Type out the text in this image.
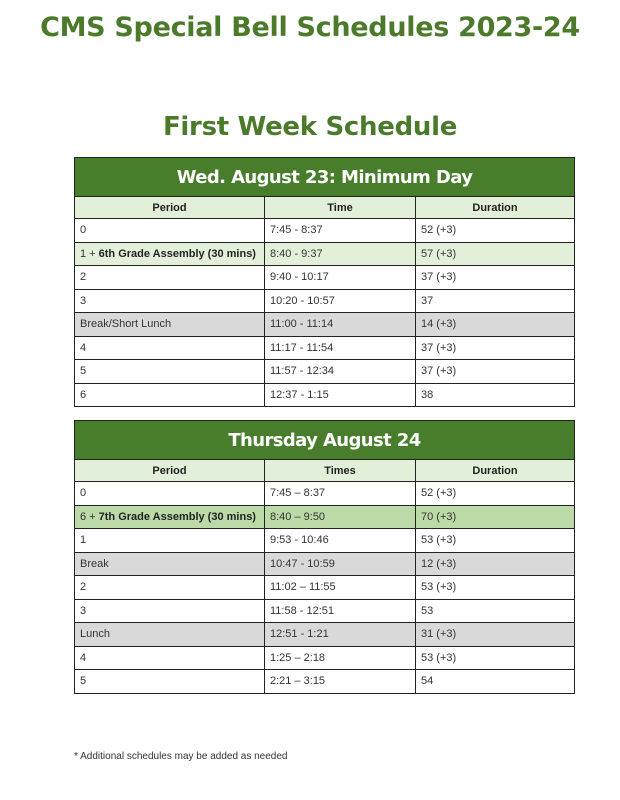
CMS Special Bell Schedules 2023-24
First Week Schedule
Wed. August 23: Minimum Day		
Period	Time	Duration
0	7:45 - 8:37	52 (+3)
1 + 6th Grade Assembly (30 mins)	8:40 - 9:37	57 (+3)
2	9:40 - 10:17	37 (+3)
3	10:20 - 10:57	37
Break/Short Lunch	11:00 - 11:14	14 (+3)
4	11:17 - 11:54	37 (+3)
5	11:57 - 12:34	37 (+3)
6	12:37 - 1:15	38
Thursday August 24		
Period	Times	Duration
0	7:45 – 8:37	52 (+3)
6 + 7th Grade Assembly (30 mins)	8:40 – 9:50	70 (+3)
1	9:53 - 10:46	53 (+3)
Break	10:47 - 10:59	12 (+3)
2	11:02 – 11:55	53 (+3)
3	11:58 - 12:51	53
Lunch	12:51 - 1:21	31 (+3)
4	1:25 – 2:18	53 (+3)
5	2:21 – 3:15	54
* Additional schedules may be added as needed
